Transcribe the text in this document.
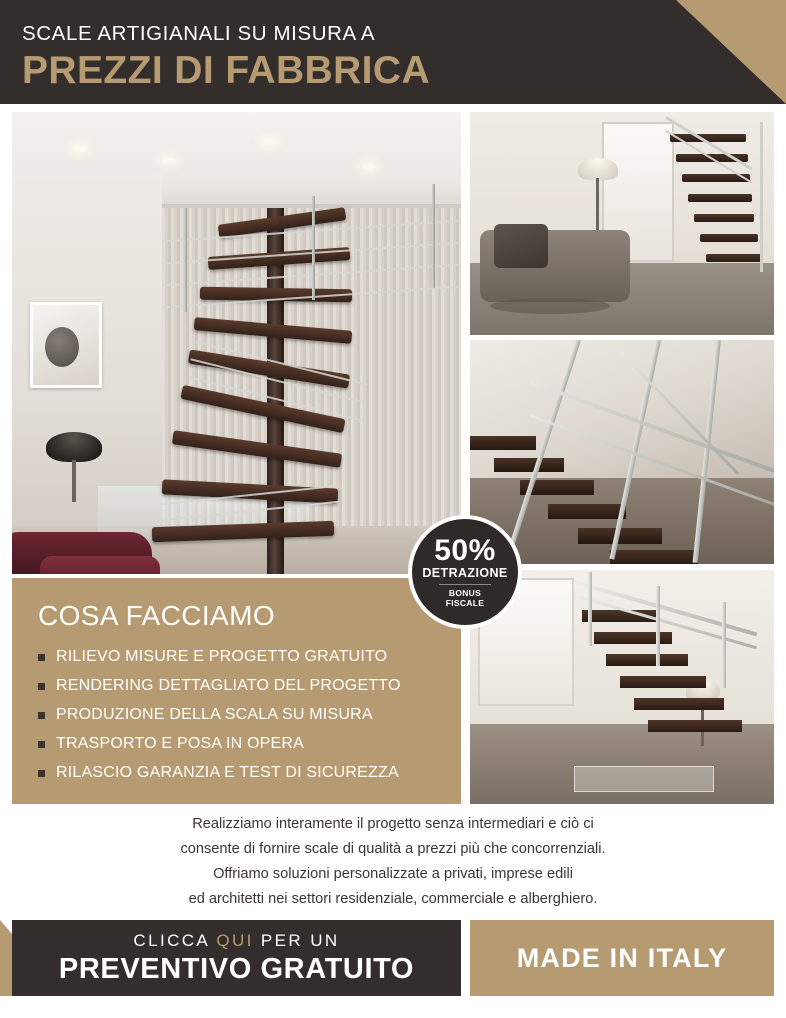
SCALE ARTIGIANALI SU MISURA A
PREZZI DI FABBRICA
50%
DETRAZIONE
BONUS
FISCALE
COSA FACCIAMO
RILIEVO MISURE E PROGETTO GRATUITO
RENDERING DETTAGLIATO DEL PROGETTO
PRODUZIONE DELLA SCALA SU MISURA
TRASPORTO E POSA IN OPERA
RILASCIO GARANZIA E TEST DI SICUREZZA
Realizziamo interamente il progetto senza intermediari e ciò ci
consente di fornire scale di qualità a prezzi più che concorrenziali.
Offriamo soluzioni personalizzate a privati, imprese edili
ed architetti nei settori residenziale, commerciale e alberghiero.
CLICCA QUI PER UN
PREVENTIVO GRATUITO	MADE IN ITALY
